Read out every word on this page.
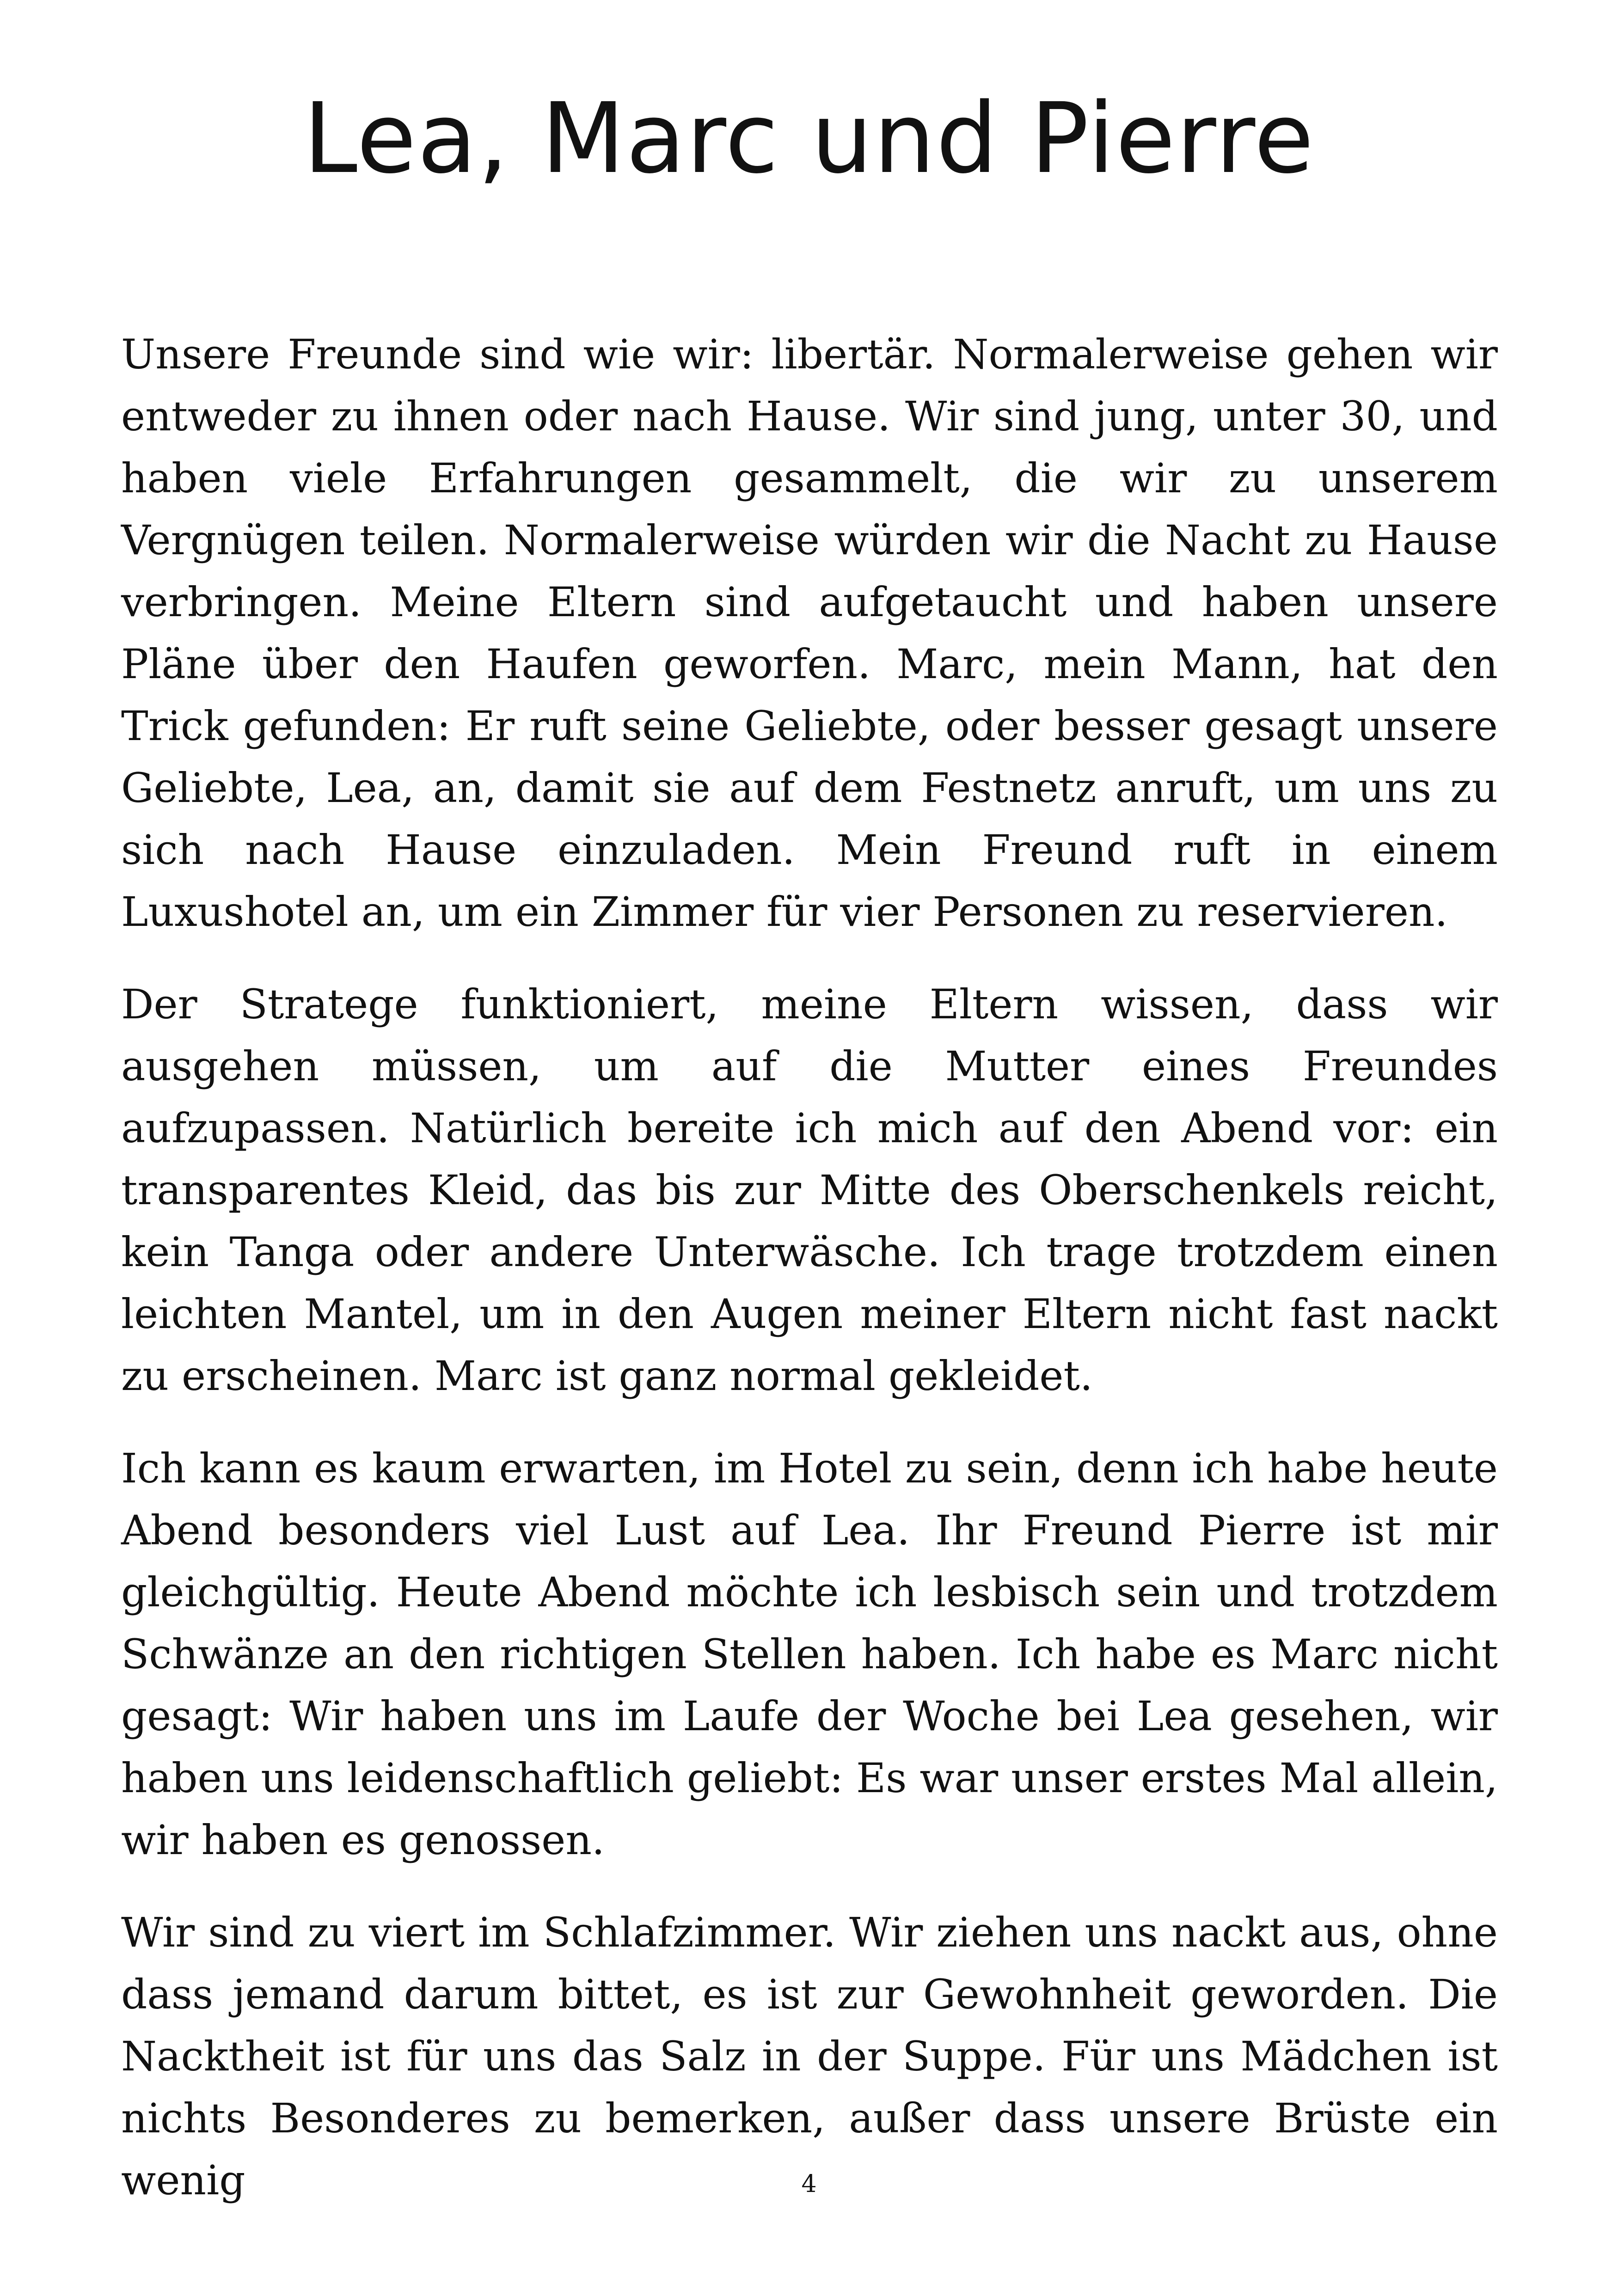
Lea, Marc und Pierre

Unsere Freunde sind wie wir: libertär. Normalerweise gehen wir entweder zu ihnen oder nach Hause. Wir sind jung, unter 30, und haben viele Erfahrungen gesammelt, die wir zu unserem Vergnügen teilen. Normalerweise würden wir die Nacht zu Hause verbringen. Meine Eltern sind aufgetaucht und haben unsere Pläne über den Haufen geworfen. Marc, mein Mann, hat den Trick gefunden: Er ruft seine Geliebte, oder besser gesagt unsere Geliebte, Lea, an, damit sie auf dem Festnetz anruft, um uns zu sich nach Hause einzuladen. Mein Freund ruft in einem Luxushotel an, um ein Zimmer für vier Personen zu reservieren.

Der Stratege funktioniert, meine Eltern wissen, dass wir ausgehen müssen, um auf die Mutter eines Freundes aufzupassen. Natürlich bereite ich mich auf den Abend vor: ein transparentes Kleid, das bis zur Mitte des Oberschenkels reicht, kein Tanga oder andere Unterwäsche. Ich trage trotzdem einen leichten Mantel, um in den Augen meiner Eltern nicht fast nackt zu erscheinen. Marc ist ganz normal gekleidet.

Ich kann es kaum erwarten, im Hotel zu sein, denn ich habe heute Abend besonders viel Lust auf Lea. Ihr Freund Pierre ist mir gleichgültig. Heute Abend möchte ich lesbisch sein und trotzdem Schwänze an den richtigen Stellen haben. Ich habe es Marc nicht gesagt: Wir haben uns im Laufe der Woche bei Lea gesehen, wir haben uns leidenschaftlich geliebt: Es war unser erstes Mal allein, wir haben es genossen.

Wir sind zu viert im Schlafzimmer. Wir ziehen uns nackt aus, ohne dass jemand darum bittet, es ist zur Gewohnheit geworden. Die Nacktheit ist für uns das Salz in der Suppe. Für uns Mädchen ist nichts Besonderes zu bemerken, außer dass unsere Brüste ein wenig	4
